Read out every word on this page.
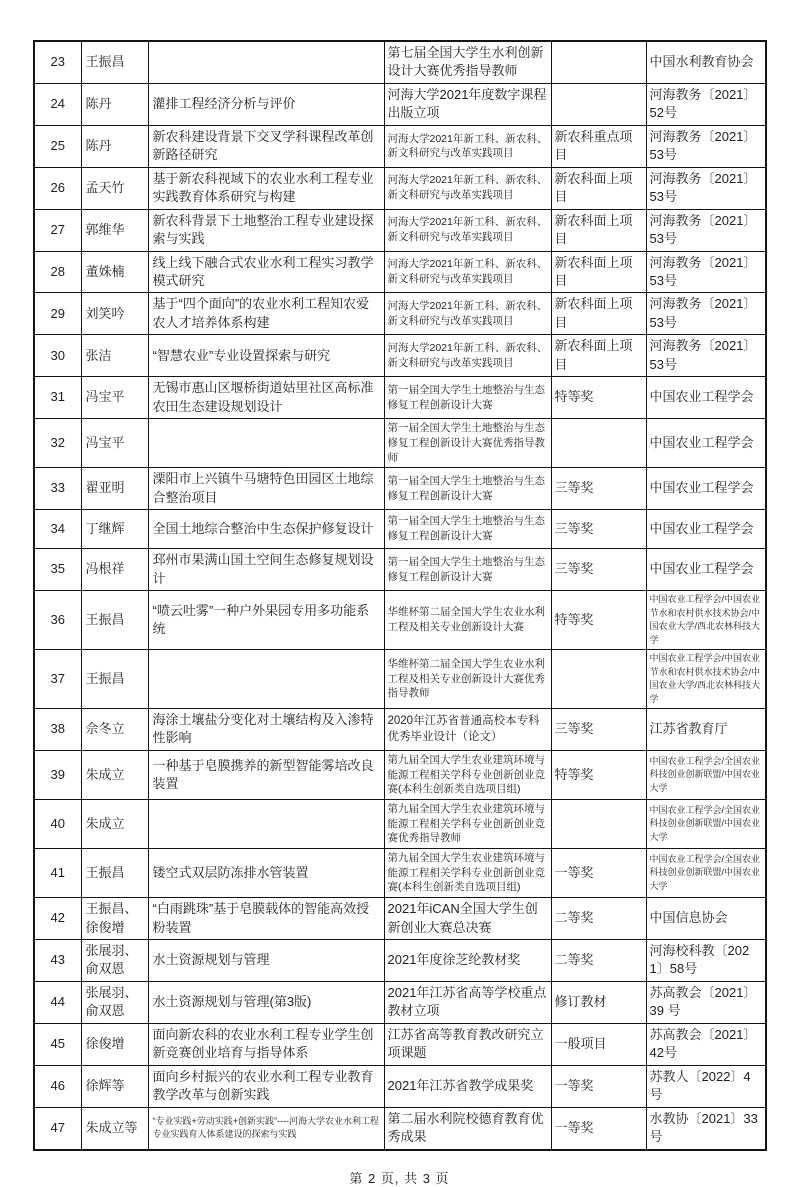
23	王振昌		第七届全国大学生水利创新设计大赛优秀指导教师		中国水利教育协会
24	陈丹	灌排工程经济分析与评价	河海大学2021年度数字课程出版立项		河海教务〔2021〕52号
25	陈丹	新农科建设背景下交叉学科课程改革创新路径研究	河海大学2021年新工科、新农科、新文科研究与改革实践项目	新农科重点项目	河海教务〔2021〕53号
26	孟天竹	基于新农科视域下的农业水利工程专业实践教育体系研究与构建	河海大学2021年新工科、新农科、新文科研究与改革实践项目	新农科面上项目	河海教务〔2021〕53号
27	郭维华	新农科背景下土地整治工程专业建设探索与实践	河海大学2021年新工科、新农科、新文科研究与改革实践项目	新农科面上项目	河海教务〔2021〕53号
28	董姝楠	线上线下融合式农业水利工程实习教学模式研究	河海大学2021年新工科、新农科、新文科研究与改革实践项目	新农科面上项目	河海教务〔2021〕53号
29	刘笑吟	基于“四个面向”的农业水利工程知农爱农人才培养体系构建	河海大学2021年新工科、新农科、新文科研究与改革实践项目	新农科面上项目	河海教务〔2021〕53号
30	张洁	“智慧农业”专业设置探索与研究	河海大学2021年新工科、新农科、新文科研究与改革实践项目	新农科面上项目	河海教务〔2021〕53号
31	冯宝平	无锡市惠山区堰桥街道姑里社区高标准农田生态建设规划设计	第一届全国大学生土地整治与生态修复工程创新设计大赛	特等奖	中国农业工程学会
32	冯宝平		第一届全国大学生土地整治与生态修复工程创新设计大赛优秀指导教师		中国农业工程学会
33	翟亚明	溧阳市上兴镇牛马塘特色田园区土地综合整治项目	第一届全国大学生土地整治与生态修复工程创新设计大赛	三等奖	中国农业工程学会
34	丁继辉	全国土地综合整治中生态保护修复设计	第一届全国大学生土地整治与生态修复工程创新设计大赛	三等奖	中国农业工程学会
35	冯根祥	邳州市果满山国土空间生态修复规划设计	第一届全国大学生土地整治与生态修复工程创新设计大赛	三等奖	中国农业工程学会
36	王振昌	“喷云吐雾”一种户外果园专用多功能系统	华维杯第二届全国大学生农业水利工程及相关专业创新设计大赛	特等奖	中国农业工程学会/中国农业节水和农村供水技术协会/中国农业大学/西北农林科技大学
37	王振昌		华维杯第二届全国大学生农业水利工程及相关专业创新设计大赛优秀指导教师		中国农业工程学会/中国农业节水和农村供水技术协会/中国农业大学/西北农林科技大学
38	佘冬立	海涂土壤盐分变化对土壤结构及入渗特性影响	2020年江苏省普通高校本专科优秀毕业设计（论文）	三等奖	江苏省教育厅
39	朱成立	一种基于皂膜携养的新型智能雾培改良装置	第九届全国大学生农业建筑环境与能源工程相关学科专业创新创业竞赛(本科生创新类自选项目组)	特等奖	中国农业工程学会/全国农业科技创业创新联盟/中国农业大学
40	朱成立		第九届全国大学生农业建筑环境与能源工程相关学科专业创新创业竞赛优秀指导教师		中国农业工程学会/全国农业科技创业创新联盟/中国农业大学
41	王振昌	镂空式双层防冻排水管装置	第九届全国大学生农业建筑环境与能源工程相关学科专业创新创业竞赛(本科生创新类自选项目组)	一等奖	中国农业工程学会/全国农业科技创业创新联盟/中国农业大学
42	王振昌、徐俊增	“白雨跳珠”基于皂膜载体的智能高效授粉装置	2021年iCAN全国大学生创新创业大赛总决赛	二等奖	中国信息协会
43	张展羽、俞双恩	水土资源规划与管理	2021年度徐芝纶教材奖	二等奖	河海校科教〔2021〕58号
44	张展羽、俞双恩	水土资源规划与管理(第3版)	2021年江苏省高等学校重点教材立项	修订教材	苏高教会〔2021〕39 号
45	徐俊增	面向新农科的农业水利工程专业学生创新竞赛创业培育与指导体系	江苏省高等教育教改研究立项课题	一般项目	苏高教会〔2021〕42号
46	徐辉等	面向乡村振兴的农业水利工程专业教育教学改革与创新实践	2021年江苏省教学成果奖	一等奖	苏教人〔2022〕4号
47	朱成立等	“专业实践+劳动实践+创新实践”----河海大学农业水利工程专业实践育人体系建设的探索与实践	第二届水利院校德育教育优秀成果	一等奖	水教协〔2021〕33 号
第 2 页, 共 3 页
